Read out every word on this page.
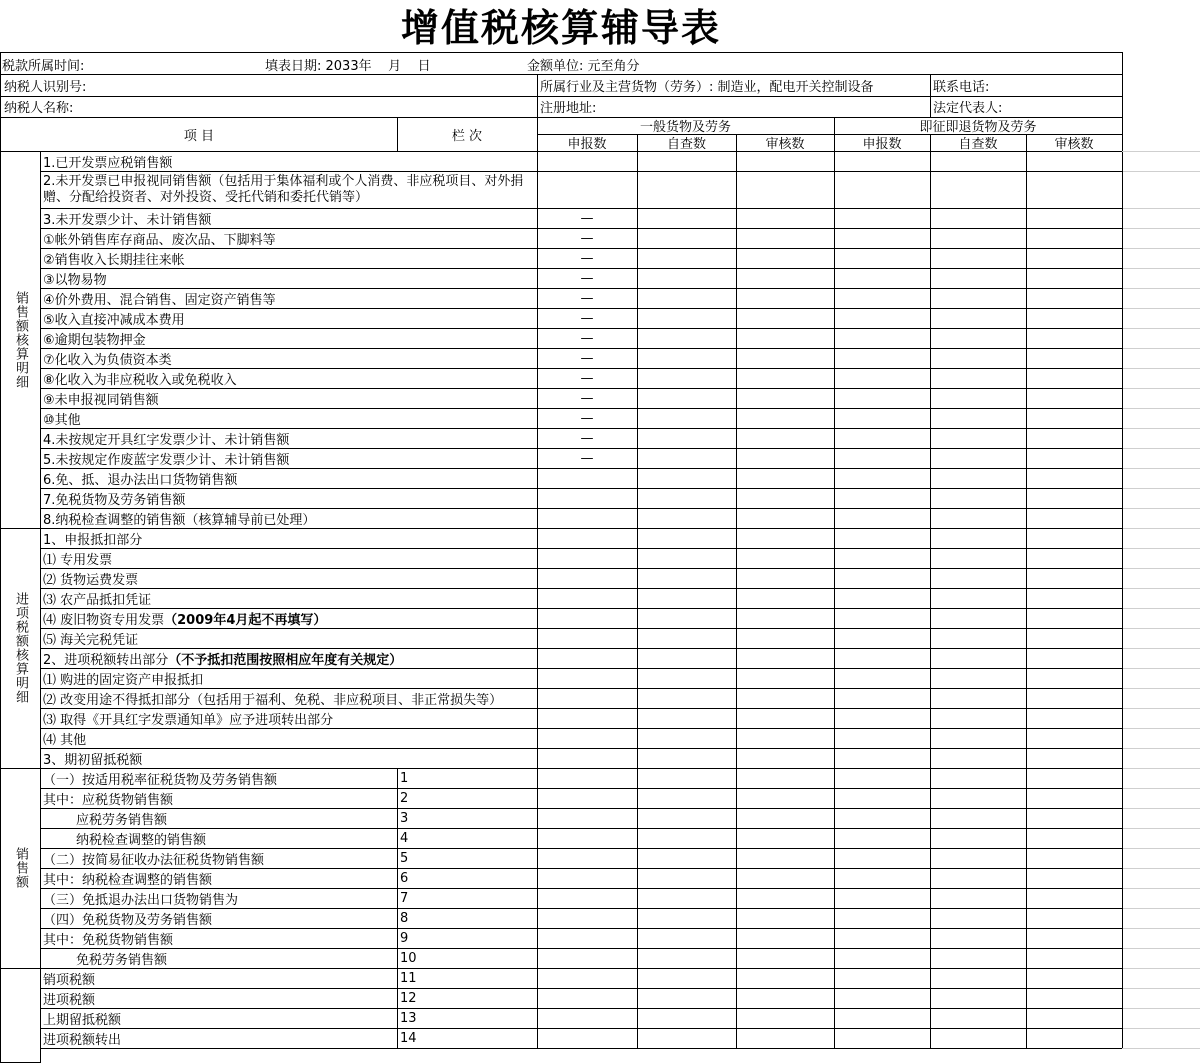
增值税核算辅导表
税款所属时间:	填表日期: 2033年    月    日	金额单位: 元至角分
纳税人识别号:	所属行业及主营货物（劳务）: 制造业，配电开关控制设备	联系电话:
纳税人名称:	注册地址:	法定代表人:
项 目	栏 次
一般货物及劳务	即征即退货物及劳务
申报数	自查数	审核数	申报数	自查数	审核数
1.已开发票应税销售额
2.未开发票已申报视同销售额（包括用于集体福利或个人消费、非应税项目、对外捐赠、分配给投资者、对外投资、受托代销和委托代销等）
3.未开发票少计、未计销售额	—
①帐外销售库存商品、废次品、下脚料等	—
②销售收入长期挂往来帐	—
③以物易物	—
④价外费用、混合销售、固定资产销售等	—
⑤收入直接冲减成本费用	—
⑥逾期包装物押金	—
⑦化收入为负债资本类	—
⑧化收入为非应税收入或免税收入	—
⑨未申报视同销售额	—
⑩其他	—
4.未按规定开具红字发票少计、未计销售额	—
5.未按规定作废蓝字发票少计、未计销售额	—
6.免、抵、退办法出口货物销售额
7.免税货物及劳务销售额
8.纳税检查调整的销售额（核算辅导前已处理）
销售额核算明细
1、申报抵扣部分
⑴ 专用发票
⑵ 货物运费发票
⑶ 农产品抵扣凭证
⑷ 废旧物资专用发票 （2009年4月起不再填写）
⑸ 海关完税凭证
2、进项税额转出部分 （不予抵扣范围按照相应年度有关规定）
⑴ 购进的固定资产申报抵扣
⑵ 改变用途不得抵扣部分（包括用于福利、免税、非应税项目、非正常损失等）
⑶ 取得《开具红字发票通知单》应予进项转出部分
⑷ 其他
3、期初留抵税额
进项税额核算明细
（一）按适用税率征税货物及劳务销售额	1
其中：应税货物销售额	2
应税劳务销售额	3
纳税检查调整的销售额	4
（二）按简易征收办法征税货物销售额	5
其中：纳税检查调整的销售额	6
（三）免抵退办法出口货物销售为	7
（四）免税货物及劳务销售额	8
其中：免税货物销售额	9
免税劳务销售额	10
销售额
销项税额	11
进项税额	12
上期留抵税额	13
进项税额转出	14
